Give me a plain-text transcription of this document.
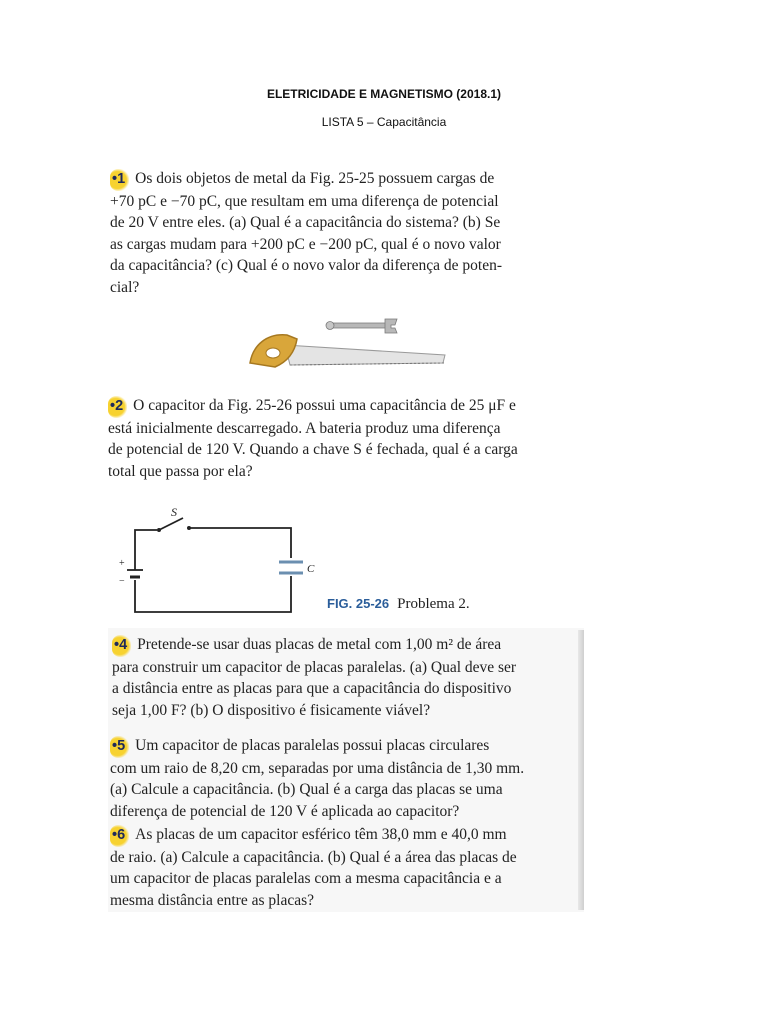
ELETRICIDADE E MAGNETISMO (2018.1)
LISTA 5 – Capacitância
•1 Os dois objetos de metal da Fig. 25-25 possuem cargas de
+70 pC e −70 pC, que resultam em uma diferença de potencial
de 20 V entre eles. (a) Qual é a capacitância do sistema? (b) Se
as cargas mudam para +200 pC e −200 pC, qual é o novo valor
da capacitância? (c) Qual é o novo valor da diferença de poten-
cial?
•2 O capacitor da Fig. 25-26 possui uma capacitância de 25 μF e
está inicialmente descarregado. A bateria produz uma diferença
de potencial de 120 V. Quando a chave S é fechada, qual é a carga
total que passa por ela?
+
−
S
C
FIG. 25-26 Problema 2.
•4 Pretende-se usar duas placas de metal com 1,00 m² de área
para construir um capacitor de placas paralelas. (a) Qual deve ser
a distância entre as placas para que a capacitância do dispositivo
seja 1,00 F? (b) O dispositivo é fisicamente viável?
•5 Um capacitor de placas paralelas possui placas circulares
com um raio de 8,20 cm, separadas por uma distância de 1,30 mm.
(a) Calcule a capacitância. (b) Qual é a carga das placas se uma
diferença de potencial de 120 V é aplicada ao capacitor?
•6 As placas de um capacitor esférico têm 38,0 mm e 40,0 mm
de raio. (a) Calcule a capacitância. (b) Qual é a área das placas de
um capacitor de placas paralelas com a mesma capacitância e a
mesma distância entre as placas?
